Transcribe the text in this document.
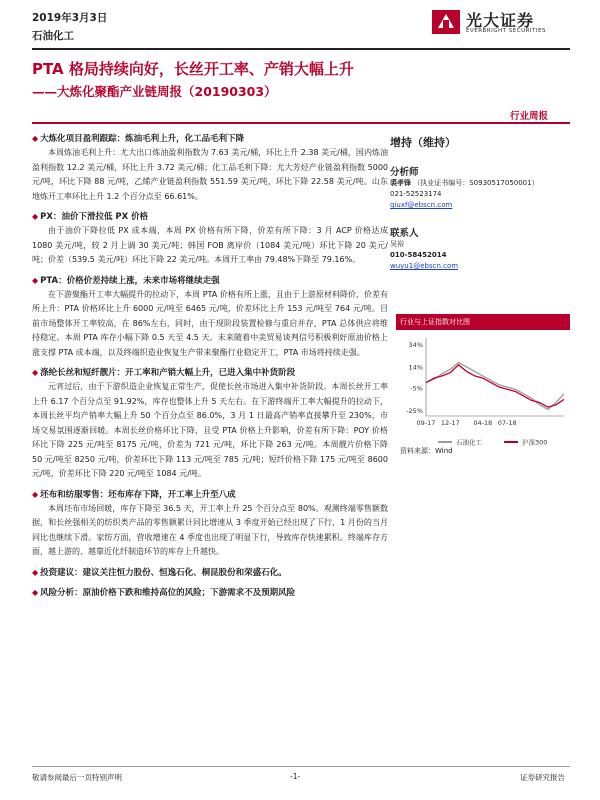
2019年3月3日
石油化工
光大证券
EVERBRIGHT SECURITIES
PTA 格局持续向好，长丝开工率、产销大幅上升
——大炼化聚酯产业链周报（20190303）
行业周报
◆ 大炼化项目盈利跟踪：炼油毛利上升，化工品毛利下降

本周炼油毛利上升：尤大出口炼油盈利指数为 7.63 美元/桶，环比上升 2.38 美元/桶，国内炼油盈利指数 12.2 美元/桶，环比上升 3.72 美元/桶；化工品毛利下降：尤大芳烃产业链盈利指数 5000 元/吨，环比下降 88 元/吨，乙烯产业链盈利指数 551.59 美元/吨，环比下降 22.58 美元/吨。山东地炼开工率环比上升 1.2 个百分点至 66.61%。

◆ PX：油价下滑拉低 PX 价格

由于油价下降拉低 PX 成本端，本周 PX 价格有所下降，价差有所下降：3 月 ACP 价格达成 1080 美元/吨，较 2 月上调 30 美元/吨；韩国 FOB 离岸价（1084 美元/吨）环比下降 20 美元/吨；价差（539.5 美元/吨）环比下降 22 美元/吨。本周开工率由 79.48%下降至 79.16%。

◆ PTA：价格价差持续上涨，未来市场将继续走强

在下游聚酯开工率大幅提升的拉动下，本周 PTA 价格有所上涨，且由于上游原材料降价，价差有所上升：PTA 价格环比上升 6000 元/吨至 6465 元/吨，价差环比上升 153 元/吨至 764 元/吨。目前市场整体开工率较高，在 86%左右，同时，由于现阶段装置检修与重启并存，PTA 总体供应将维持稳定。本周 PTA 库存小幅下降 0.5 天至 4.5 天。未来随着中美贸易谈判信号积极利好原油价格上涨支撑 PTA 成本端，以及终端织造业恢复生产带来聚酯行业稳定开工，PTA 市场将持续走强。

◆ 涤纶长丝和短纤靓片：开工率和产销大幅上升，已进入集中补货阶段

元宵过后，由于下游织造企业恢复正常生产，促使长丝市场进入集中补货阶段。本周长丝开工率上升 6.17 个百分点至 91.92%，库存也整体上升 5 天左右。在下游终端开工率大幅提升的拉动下，本周长丝平均产销率大幅上升 50 个百分点至 86.0%，3 月 1 日最高产销率直接攀升至 230%，市场交易氛围逐渐回暖。本周长丝价格环比下降，且受 PTA 价格上升影响，价差有所下降：POY 价格环比下降 225 元/吨至 8175 元/吨，价差为 721 元/吨，环比下降 263 元/吨。本周靓片价格下降 50 元/吨至 8250 元/吨，价差环比下降 113 元/吨至 785 元/吨；短纤价格下降 175 元/吨至 8600 元/吨，价差环比下降 220 元/吨至 1084 元/吨。

◆ 坯布和纺服零售：坯布库存下降，开工率上升至八成

本周坯布市场回暖，库存下降至 36.5 天，开工率上升 25 个百分点至 80%。观测终端零售额数据，和长丝强相关的纺织类产品的零售额累计同比增速从 3 季度开始已经出现了下行，1 月份的当月同比也继续下滑。家纺方面，营收增速在 4 季度也出现了明显下行，导致库存快速累积。终端库存方面，越上游的、越靠近化纤制造环节的库存上升越快。

◆ 投资建议：建议关注恒力股份、恒逸石化、桐昆股份和荣盛石化。
◆ 风险分析：原油价格下跌和维持高位的风险；下游需求不及预期风险
增持（维持）
分析师
裘孝锋 （执业证书编号：S0930517050001）
021-52523174
qiuxf@ebscn.com
联系人
吴裕
010-58452014
wuyu1@ebscn.com
行业与上证指数对比图
34%
14%
-5%
-25%
09-17 12-17 04-18 07-18
石油化工	沪深300
资料来源：Wind
敬请参阅最后一页特别声明	-1-	证券研究报告
